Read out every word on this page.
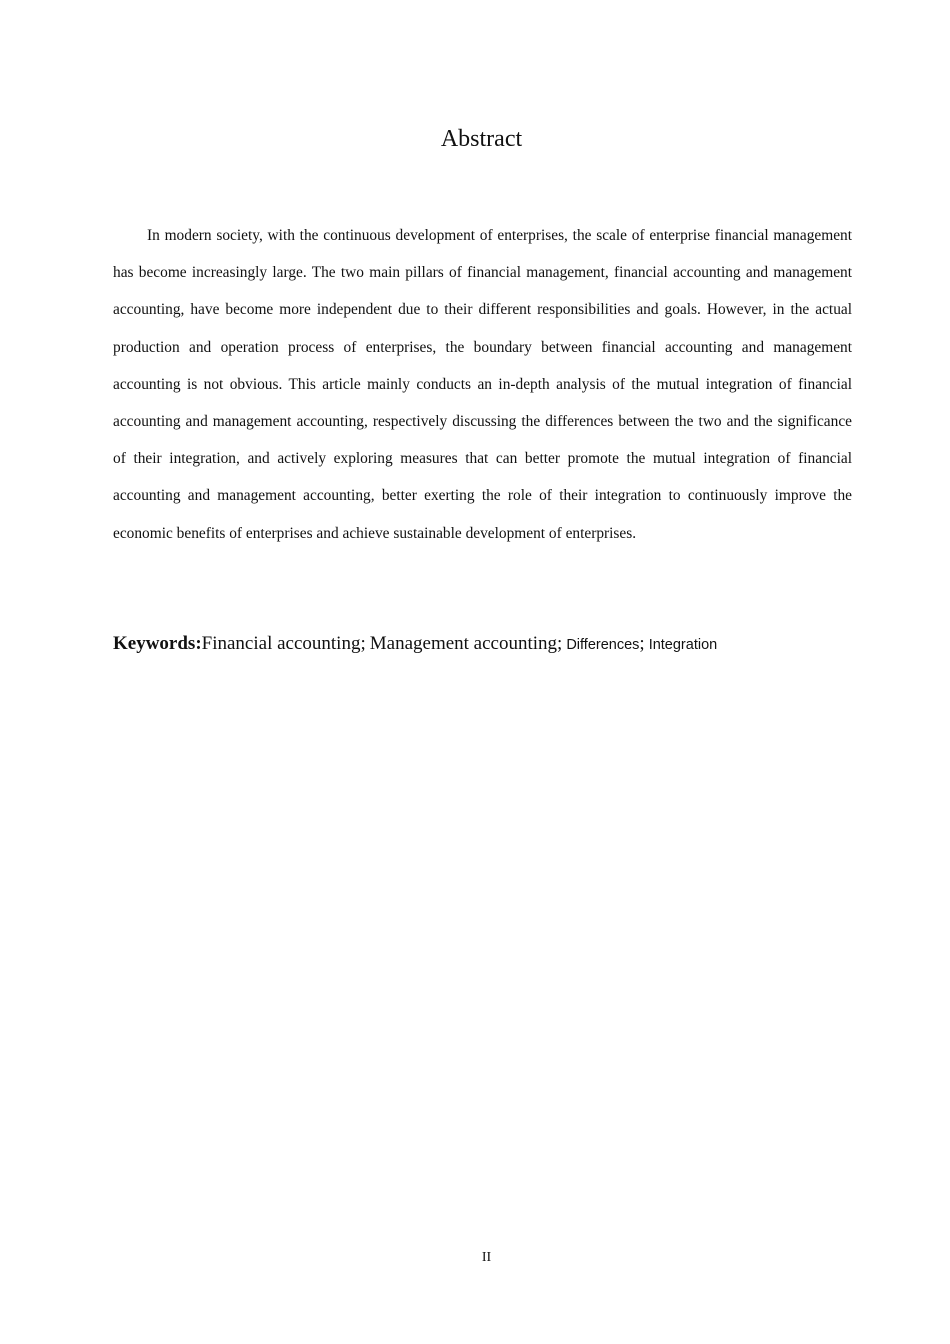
Abstract

In modern society, with the continuous development of enterprises, the scale of enterprise financial management has become increasingly large. The two main pillars of financial management, financial accounting and management accounting, have become more independent due to their different responsibilities and goals. However, in the actual production and operation process of enterprises, the boundary between financial accounting and management accounting is not obvious. This article mainly conducts an in-depth analysis of the mutual integration of financial accounting and management accounting, respectively discussing the differences between the two and the significance of their integration, and actively exploring measures that can better promote the mutual integration of financial accounting and management accounting, better exerting the role of their integration to continuously improve the economic benefits of enterprises and achieve sustainable development of enterprises.

Keywords:Financial accounting; Management accounting; Differences; Integration

II
